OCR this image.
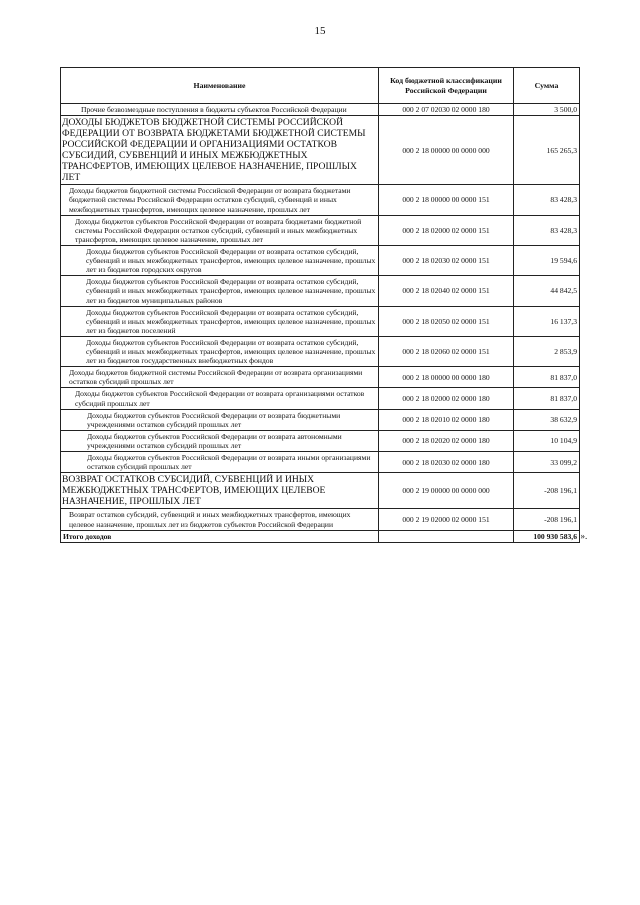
15
Наименование	Код бюджетной классификации Российской Федерации	Сумма
Прочие безвозмездные поступления в бюджеты субъектов Российской Федерации	000 2 07 02030 02 0000 180	3 500,0
ДОХОДЫ БЮДЖЕТОВ БЮДЖЕТНОЙ СИСТЕМЫ РОССИЙСКОЙ ФЕДЕРАЦИИ ОТ ВОЗВРАТА БЮДЖЕТАМИ БЮДЖЕТНОЙ СИСТЕМЫ РОССИЙСКОЙ ФЕДЕРАЦИИ И ОРГАНИЗАЦИЯМИ ОСТАТКОВ СУБСИДИЙ, СУБВЕНЦИЙ И ИНЫХ МЕЖБЮДЖЕТНЫХ ТРАНСФЕРТОВ, ИМЕЮЩИХ ЦЕЛЕВОЕ НАЗНАЧЕНИЕ, ПРОШЛЫХ ЛЕТ	000 2 18 00000 00 0000 000	165 265,3
Доходы бюджетов бюджетной системы Российской Федерации от возврата бюджетами бюджетной системы Российской Федерации остатков субсидий, субвенций и иных межбюджетных трансфертов, имеющих целевое назначение, прошлых лет	000 2 18 00000 00 0000 151	83 428,3
Доходы бюджетов субъектов Российской Федерации от возврата бюджетами бюджетной системы Российской Федерации остатков субсидий, субвенций и иных межбюджетных трансфертов, имеющих целевое назначение, прошлых лет	000 2 18 02000 02 0000 151	83 428,3
Доходы бюджетов субъектов Российской Федерации от возврата остатков субсидий, субвенций и иных межбюджетных трансфертов, имеющих целевое назначение, прошлых лет из бюджетов городских округов	000 2 18 02030 02 0000 151	19 594,6
Доходы бюджетов субъектов Российской Федерации от возврата остатков субсидий, субвенций и иных межбюджетных трансфертов, имеющих целевое назначение, прошлых лет из бюджетов муниципальных районов	000 2 18 02040 02 0000 151	44 842,5
Доходы бюджетов субъектов Российской Федерации от возврата остатков субсидий, субвенций и иных межбюджетных трансфертов, имеющих целевое назначение, прошлых лет из бюджетов поселений	000 2 18 02050 02 0000 151	16 137,3
Доходы бюджетов субъектов Российской Федерации от возврата остатков субсидий, субвенций и иных межбюджетных трансфертов, имеющих целевое назначение, прошлых лет из бюджетов государственных внебюджетных фондов	000 2 18 02060 02 0000 151	2 853,9
Доходы бюджетов бюджетной системы Российской Федерации от возврата организациями остатков субсидий прошлых лет	000 2 18 00000 00 0000 180	81 837,0
Доходы бюджетов субъектов Российской Федерации от возврата организациями остатков субсидий прошлых лет	000 2 18 02000 02 0000 180	81 837,0
Доходы бюджетов субъектов Российской Федерации от возврата бюджетными учреждениями остатков субсидий прошлых лет	000 2 18 02010 02 0000 180	38 632,9
Доходы бюджетов субъектов Российской Федерации от возврата автономными учреждениями остатков субсидий прошлых лет	000 2 18 02020 02 0000 180	10 104,9
Доходы бюджетов субъектов Российской Федерации от возврата иными организациями остатков субсидий прошлых лет	000 2 18 02030 02 0000 180	33 099,2
ВОЗВРАТ ОСТАТКОВ СУБСИДИЙ, СУБВЕНЦИЙ И ИНЫХ МЕЖБЮДЖЕТНЫХ ТРАНСФЕРТОВ, ИМЕЮЩИХ ЦЕЛЕВОЕ НАЗНАЧЕНИЕ, ПРОШЛЫХ ЛЕТ	000 2 19 00000 00 0000 000	-208 196,1
Возврат остатков субсидий, субвенций и иных межбюджетных трансфертов, имеющих целевое назначение, прошлых лет из бюджетов субъектов Российской Федерации	000 2 19 02000 02 0000 151	-208 196,1
Итого доходов		100 930 583,6 ».
